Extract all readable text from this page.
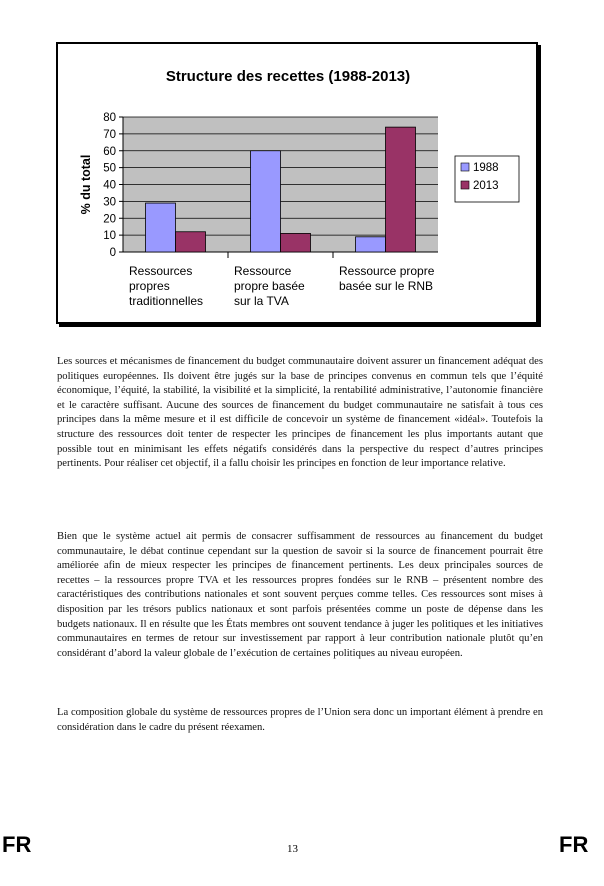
Structure des recettes (1988-2013)
0
10
20
30
40
50
60
70
80
% du total
Ressources
propres
traditionnelles
Ressource
propre basée
sur la TVA
Ressource propre
basée sur le RNB
1988
2013

Les sources et mécanismes de financement du budget communautaire doivent assurer un financement adéquat des politiques européennes. Ils doivent être jugés sur la base de principes convenus en commun tels que l’équité économique, l’équité, la stabilité, la visibilité et la simplicité, la rentabilité administrative, l’autonomie financière et le caractère suffisant. Aucune des sources de financement du budget communautaire ne satisfait à tous ces principes dans la même mesure et il est difficile de concevoir un système de financement «idéal». Toutefois la structure des ressources doit tenter de respecter les principes de financement les plus importants autant que possible tout en minimisant les effets négatifs considérés dans la perspective du respect d’autres principes pertinents. Pour réaliser cet objectif, il a fallu choisir les principes en fonction de leur importance relative.

Bien que le système actuel ait permis de consacrer suffisamment de ressources au financement du budget communautaire, le débat continue cependant sur la question de savoir si la source de financement pourrait être améliorée afin de mieux respecter les principes de financement pertinents. Les deux principales sources de recettes – la ressources propre TVA et les ressources propres fondées sur le RNB – présentent nombre des caractéristiques des contributions nationales et sont souvent perçues comme telles. Ces ressources sont mises à disposition par les trésors publics nationaux et sont parfois présentées comme un poste de dépense dans les budgets nationaux. Il en résulte que les États membres ont souvent tendance à juger les politiques et les initiatives communautaires en termes de retour sur investissement par rapport à leur contribution nationale plutôt qu’en considérant d’abord la valeur globale de l’exécution de certaines politiques au niveau européen.

La composition globale du système de ressources propres de l’Union sera donc un important élément à prendre en considération dans le cadre du présent réexamen.

FR	13	FR
